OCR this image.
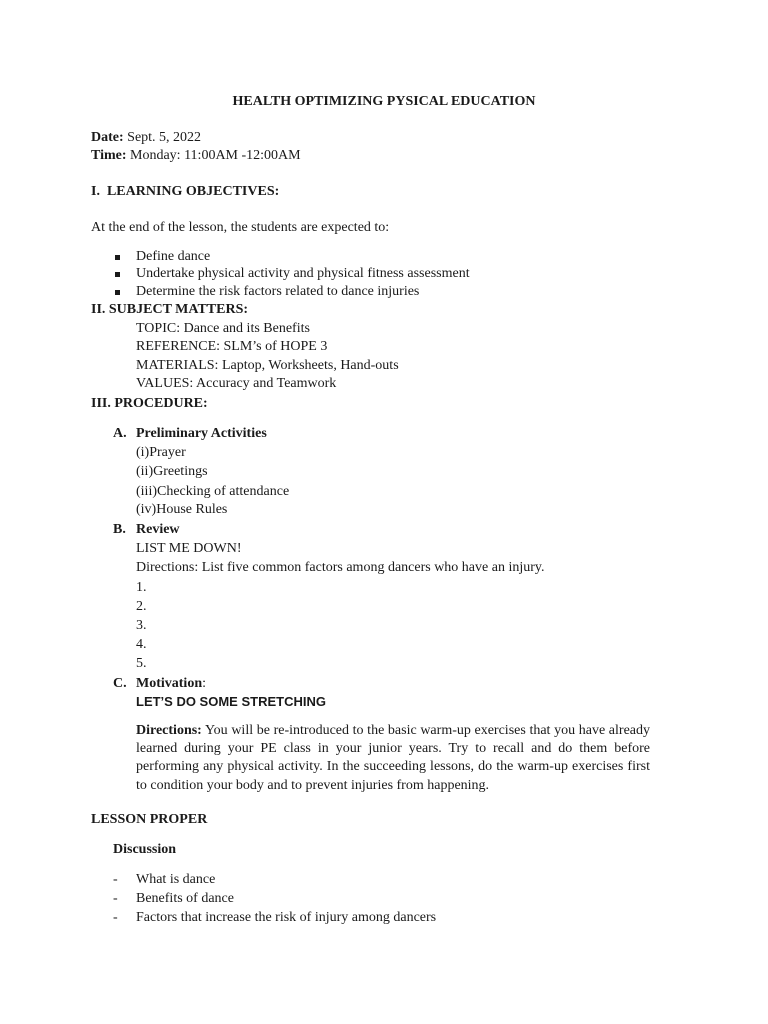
HEALTH OPTIMIZING PYSICAL EDUCATION
Date: Sept. 5, 2022
Time: Monday: 11:00AM -12:00AM
I.  LEARNING OBJECTIVES:
At the end of the lesson, the students are expected to:
Define dance
Undertake physical activity and physical fitness assessment
Determine the risk factors related to dance injuries
II. SUBJECT MATTERS:
TOPIC: Dance and its Benefits
REFERENCE: SLM’s of HOPE 3
MATERIALS: Laptop, Worksheets, Hand-outs
VALUES: Accuracy and Teamwork
III. PROCEDURE:
A. Preliminary Activities
(i)Prayer
(ii)Greetings
(iii)Checking of attendance
(iv)House Rules
B. Review
LIST ME DOWN!
Directions: List five common factors among dancers who have an injury.
1.
2.
3.
4.
5.
C. Motivation:
LET’S DO SOME STRETCHING
Directions: You will be re-introduced to the basic warm-up exercises that you have already learned during your PE class in your junior years. Try to recall and do them before performing any physical activity. In the succeeding lessons, do the warm-up exercises first to condition your body and to prevent injuries from happening.
LESSON PROPER
Discussion
- What is dance
- Benefits of dance
- Factors that increase the risk of injury among dancers
